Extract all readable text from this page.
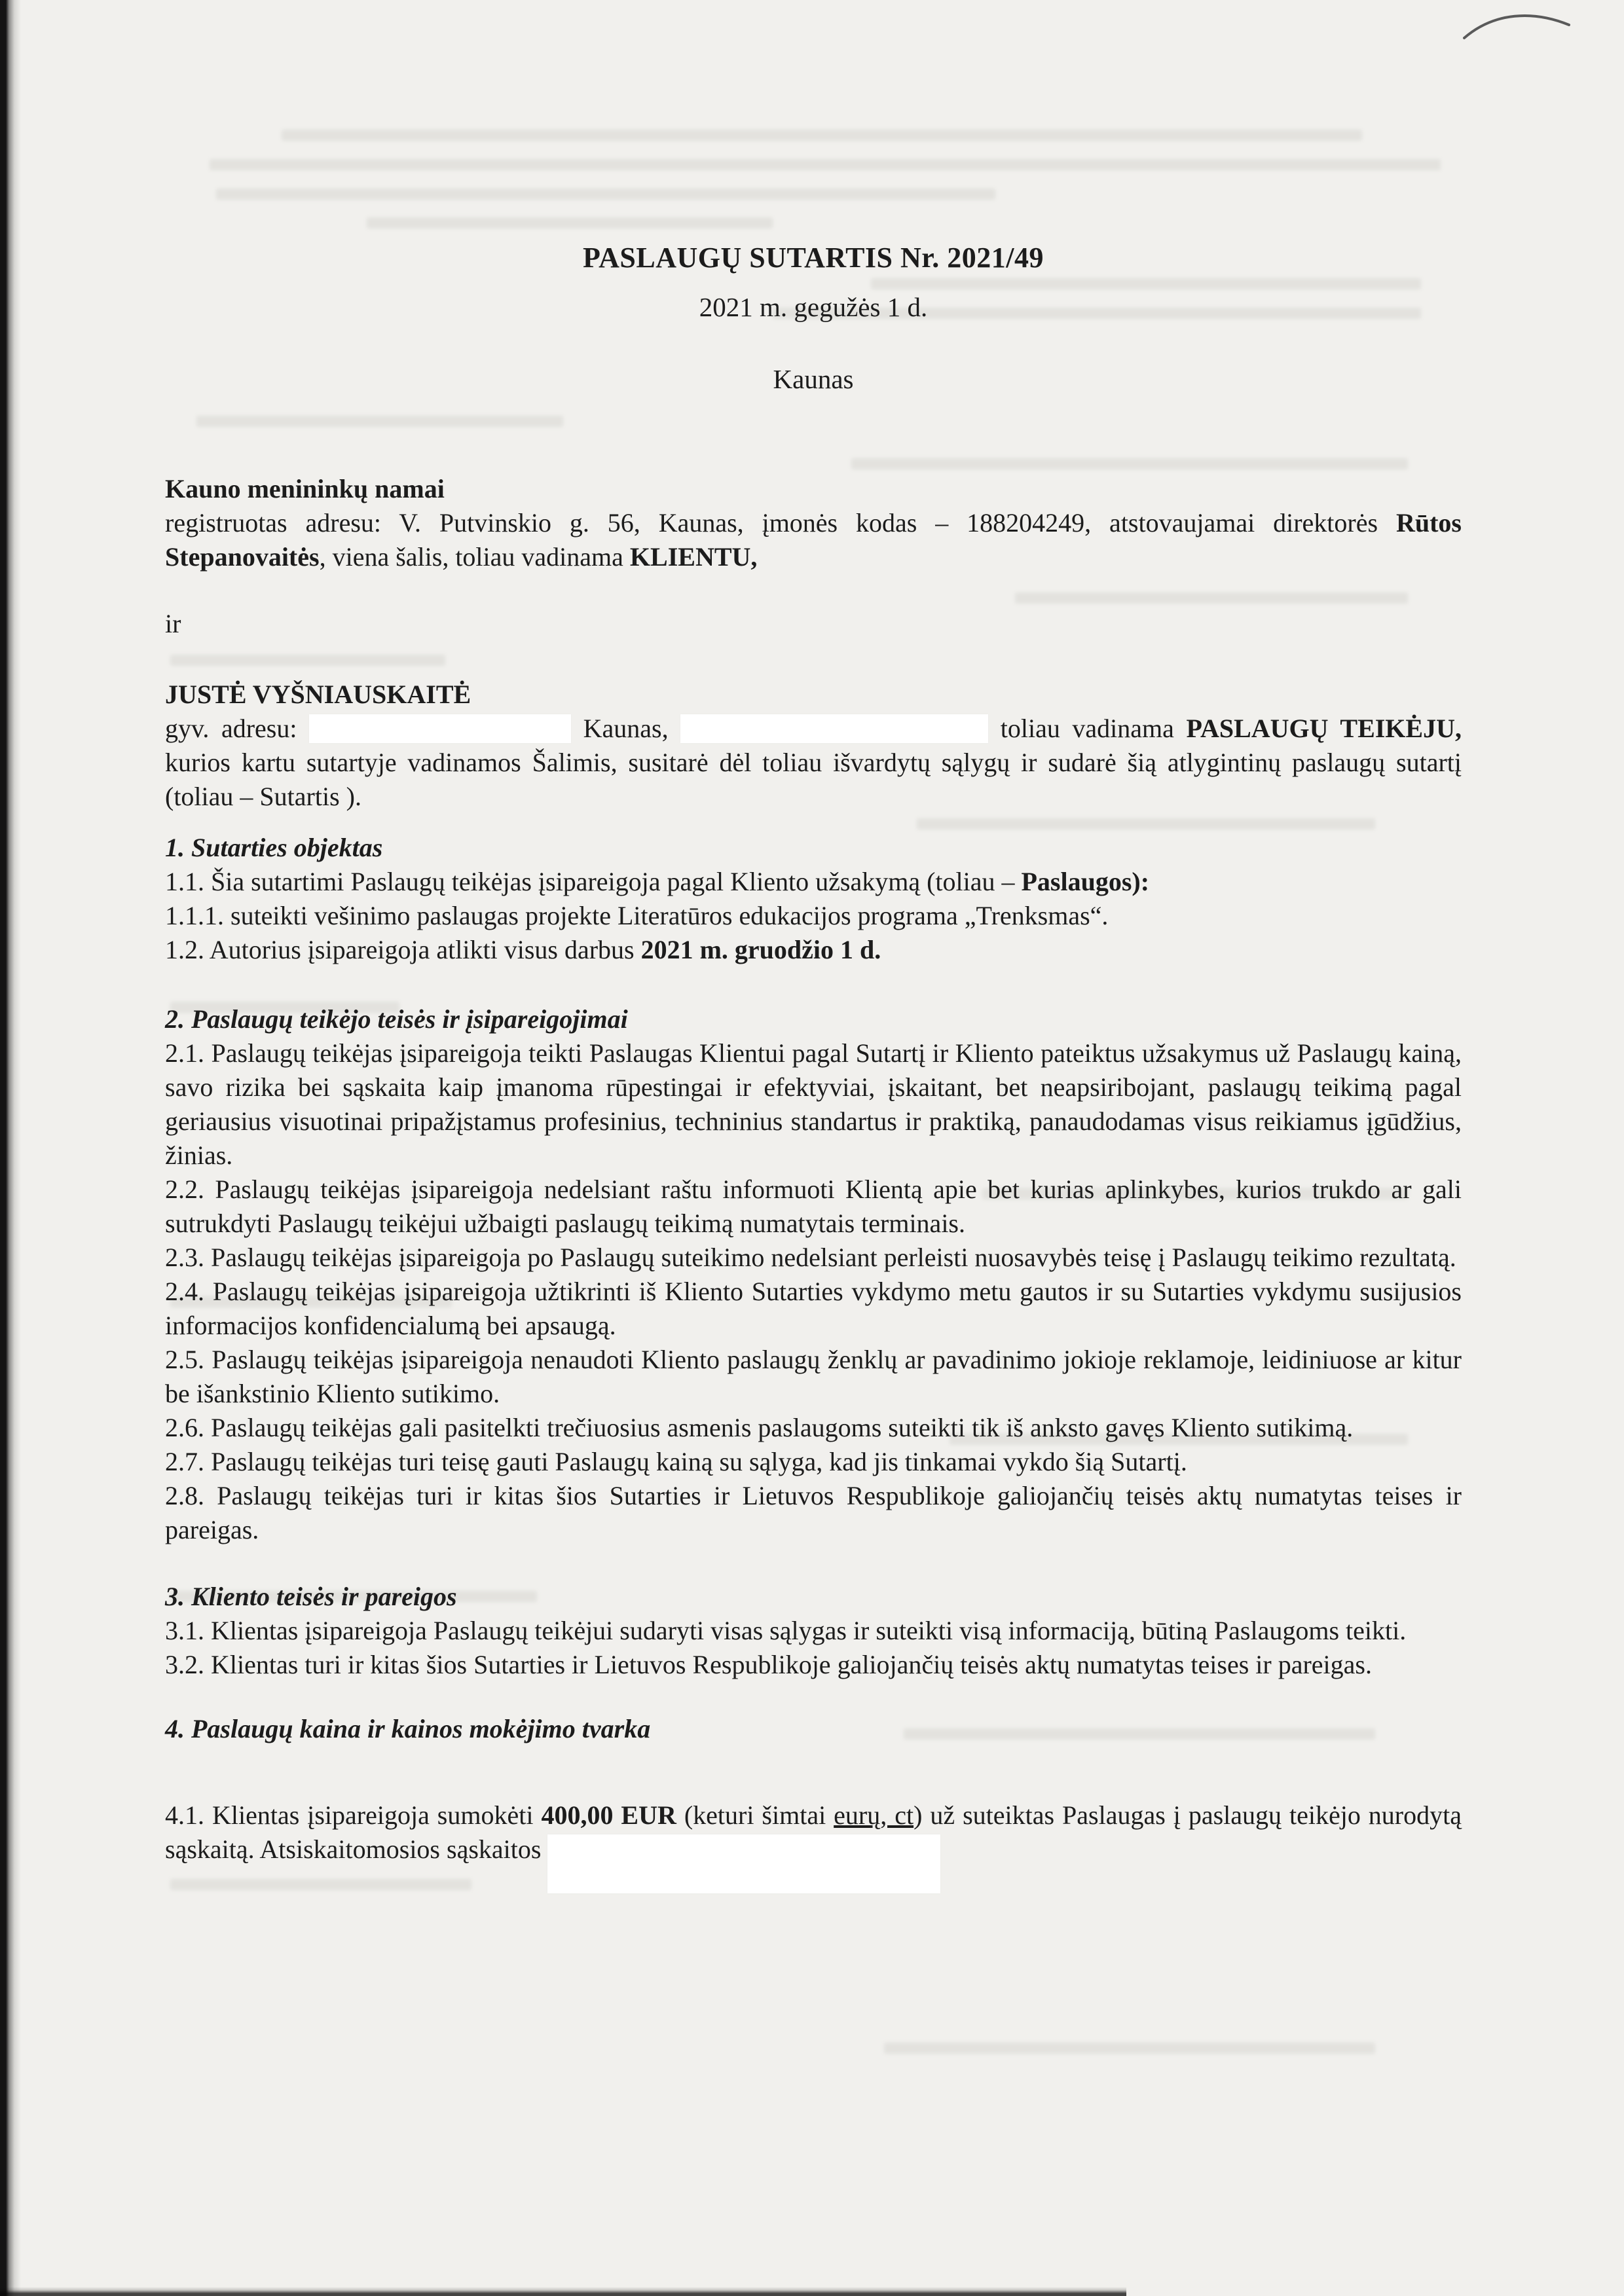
PASLAUGŲ SUTARTIS Nr. 2021/49
2021 m. gegužės 1 d.
Kaunas

Kauno menininkų namai

registruotas adresu: V. Putvinskio g. 56, Kaunas, įmonės kodas – 188204249, atstovaujamai direktorės Rūtos Stepanovaitės, viena šalis, toliau vadinama KLIENTU,

ir

JUSTĖ VYŠNIAUSKAITĖ

gyv. adresu:	Kaunas,	toliau vadinama PASLAUGŲ TEIKĖJU, kurios kartu sutartyje vadinamos Šalimis, susitarė dėl toliau išvardytų sąlygų ir sudarė šią atlygintinų paslaugų sutartį (toliau – Sutartis ).

1. Sutarties objektas

1.1. Šia sutartimi Paslaugų teikėjas įsipareigoja pagal Kliento užsakymą (toliau – Paslaugos):

1.1.1. suteikti vešinimo paslaugas projekte Literatūros edukacijos programa „Trenksmas“.

1.2. Autorius įsipareigoja atlikti visus darbus 2021 m. gruodžio 1 d.

2. Paslaugų teikėjo teisės ir įsipareigojimai

2.1. Paslaugų teikėjas įsipareigoja teikti Paslaugas Klientui pagal Sutartį ir Kliento pateiktus užsakymus už Paslaugų kainą, savo rizika bei sąskaita kaip įmanoma rūpestingai ir efektyviai, įskaitant, bet neapsiribojant, paslaugų teikimą pagal geriausius visuotinai pripažįstamus profesinius, techninius standartus ir praktiką, panaudodamas visus reikiamus įgūdžius, žinias.

2.2. Paslaugų teikėjas įsipareigoja nedelsiant raštu informuoti Klientą apie bet kurias aplinkybes, kurios trukdo ar gali sutrukdyti Paslaugų teikėjui užbaigti paslaugų teikimą numatytais terminais.

2.3. Paslaugų teikėjas įsipareigoja po Paslaugų suteikimo nedelsiant perleisti nuosavybės teisę į Paslaugų teikimo rezultatą.

2.4. Paslaugų teikėjas įsipareigoja užtikrinti iš Kliento Sutarties vykdymo metu gautos ir su Sutarties vykdymu susijusios informacijos konfidencialumą bei apsaugą.

2.5. Paslaugų teikėjas įsipareigoja nenaudoti Kliento paslaugų ženklų ar pavadinimo jokioje reklamoje, leidiniuose ar kitur be išankstinio Kliento sutikimo.

2.6. Paslaugų teikėjas gali pasitelkti trečiuosius asmenis paslaugoms suteikti tik iš anksto gavęs Kliento sutikimą.

2.7. Paslaugų teikėjas turi teisę gauti Paslaugų kainą su sąlyga, kad jis tinkamai vykdo šią Sutartį.

2.8. Paslaugų teikėjas turi ir kitas šios Sutarties ir Lietuvos Respublikoje galiojančių teisės aktų numatytas teises ir pareigas.

3. Kliento teisės ir pareigos

3.1. Klientas įsipareigoja Paslaugų teikėjui sudaryti visas sąlygas ir suteikti visą informaciją, būtiną Paslaugoms teikti.

3.2. Klientas turi ir kitas šios Sutarties ir Lietuvos Respublikoje galiojančių teisės aktų numatytas teises ir pareigas.

4. Paslaugų kaina ir kainos mokėjimo tvarka

4.1. Klientas įsipareigoja sumokėti 400,00 EUR (keturi šimtai eurų, ct) už suteiktas Paslaugas į paslaugų teikėjo nurodytą sąskaitą. Atsiskaitomosios sąskaitos
